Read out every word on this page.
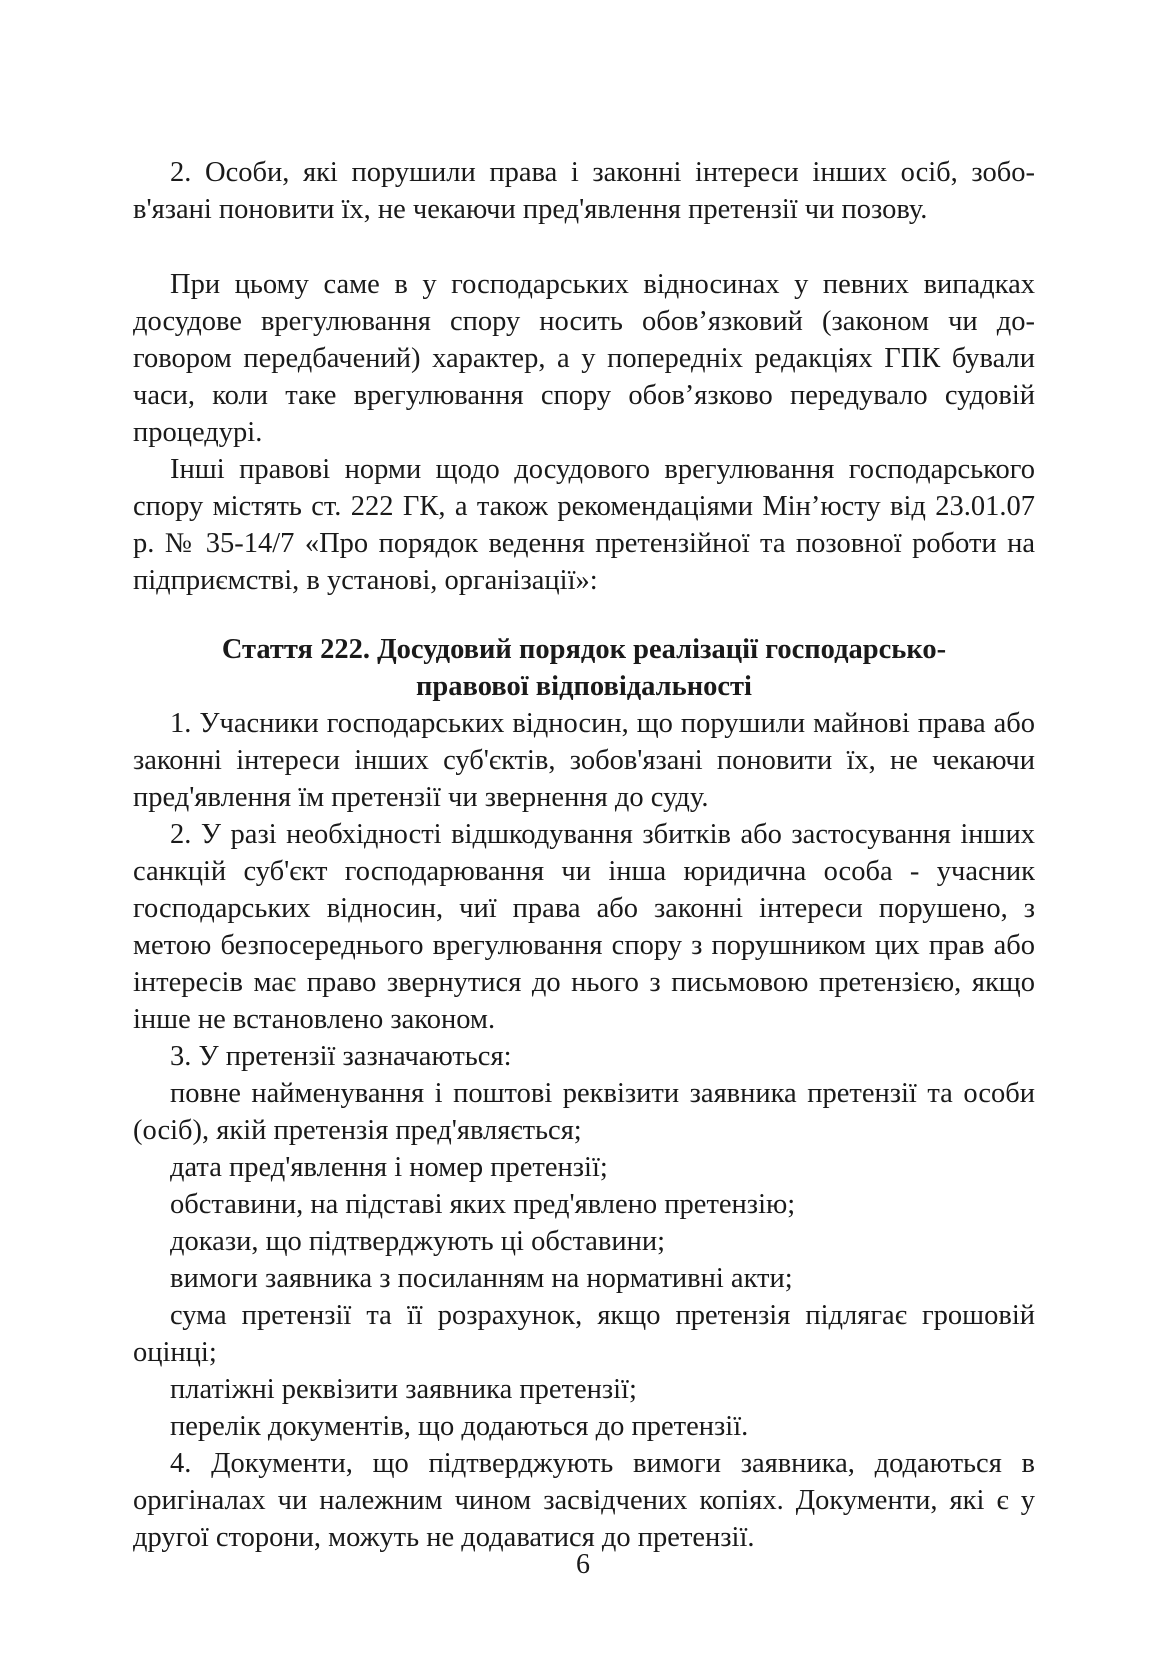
2. Особи, які порушили права і законні інтереси інших осіб, зобов'язані поновити їх, не чекаючи пред'явлення претензії чи позову.

При цьому саме в у господарських відносинах у певних випадках досудове врегулювання спору носить обов’язковий (законом чи договором передбачений) характер, а у попередніх редакціях ГПК бували часи, коли таке врегулювання спору обов’язково передувало судовій процедурі.

Інші правові норми щодо досудового врегулювання господарського спору містять ст. 222 ГК, а також рекомендаціями Мін’юсту від 23.01.07 р. № 35-14/7 «Про порядок ведення претензійної та позовної роботи на підприємстві, в установі, організації»:

Стаття 222. Досудовий порядок реалізації господарсько-
правової відповідальності

1. Учасники господарських відносин, що порушили майнові права або законні інтереси інших суб'єктів, зобов'язані поновити їх, не чекаючи пред'явлення їм претензії чи звернення до суду.

2. У разі необхідності відшкодування збитків або застосування інших санкцій суб'єкт господарювання чи інша юридична особа - учасник господарських відносин, чиї права або законні інтереси порушено, з метою безпосереднього врегулювання спору з порушником цих прав або інтересів має право звернутися до нього з письмовою претензією, якщо інше не встановлено законом.

3. У претензії зазначаються:

повне найменування і поштові реквізити заявника претензії та особи (осіб), якій претензія пред'являється;

дата пред'явлення і номер претензії;

обставини, на підставі яких пред'явлено претензію;

докази, що підтверджують ці обставини;

вимоги заявника з посиланням на нормативні акти;

сума претензії та її розрахунок, якщо претензія підлягає грошовій оцінці;

платіжні реквізити заявника претензії;

перелік документів, що додаються до претензії.

4. Документи, що підтверджують вимоги заявника, додаються в оригіналах чи належним чином засвідчених копіях. Документи, які є у другої сторони, можуть не додаватися до претензії.

6
